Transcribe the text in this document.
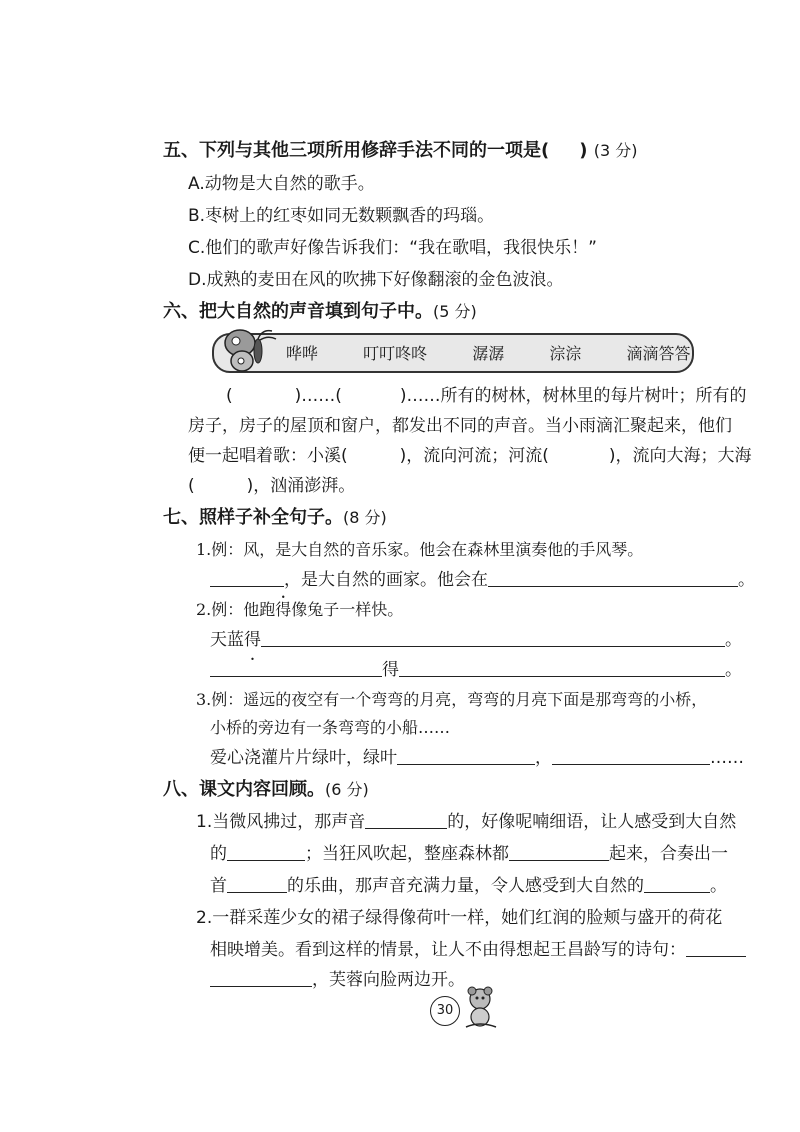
五、下列与其他三项所用修辞手法不同的一项是( ) (3 分)
A.动物是大自然的歌手。
B.枣树上的红枣如同无数颗飘香的玛瑙。
C.他们的歌声好像告诉我们：“我在歌唱，我很快乐！”
D.成熟的麦田在风的吹拂下好像翻滚的金色波浪。
六、把大自然的声音填到句子中。(5 分)
哗哗	叮叮咚咚	潺潺	淙淙	滴滴答答
(	)……(	)……所有的树林，树林里的每片树叶；所有的
房子，房子的屋顶和窗户，都发出不同的声音。当小雨滴汇聚起来，他们
便一起唱着歌：小溪(	)，流向河流；河流(	)，流向大海；大海
(	)，汹涌澎湃。
七、照样子补全句子。(8 分)
1.例：风，是大自然的音乐家。他会在森林里演奏他的手风琴。
，是大自然的画家。他会在	。
2.例：他跑得像兔子一样快。
天蓝得	。
得	。
3.例：遥远的夜空有一个弯弯的月亮，弯弯的月亮下面是那弯弯的小桥，
小桥的旁边有一条弯弯的小船……
爱心浇灌片片绿叶，绿叶	，	……
八、课文内容回顾。(6 分)
1.当微风拂过，那声音	的，好像呢喃细语，让人感受到大自然
的	；当狂风吹起，整座森林都	起来，合奏出一
首	的乐曲，那声音充满力量，令人感受到大自然的	。
2.一群采莲少女的裙子绿得像荷叶一样，她们红润的脸颊与盛开的荷花
相映增美。看到这样的情景，让人不由得想起王昌龄写的诗句：
，芙蓉向脸两边开。
30
